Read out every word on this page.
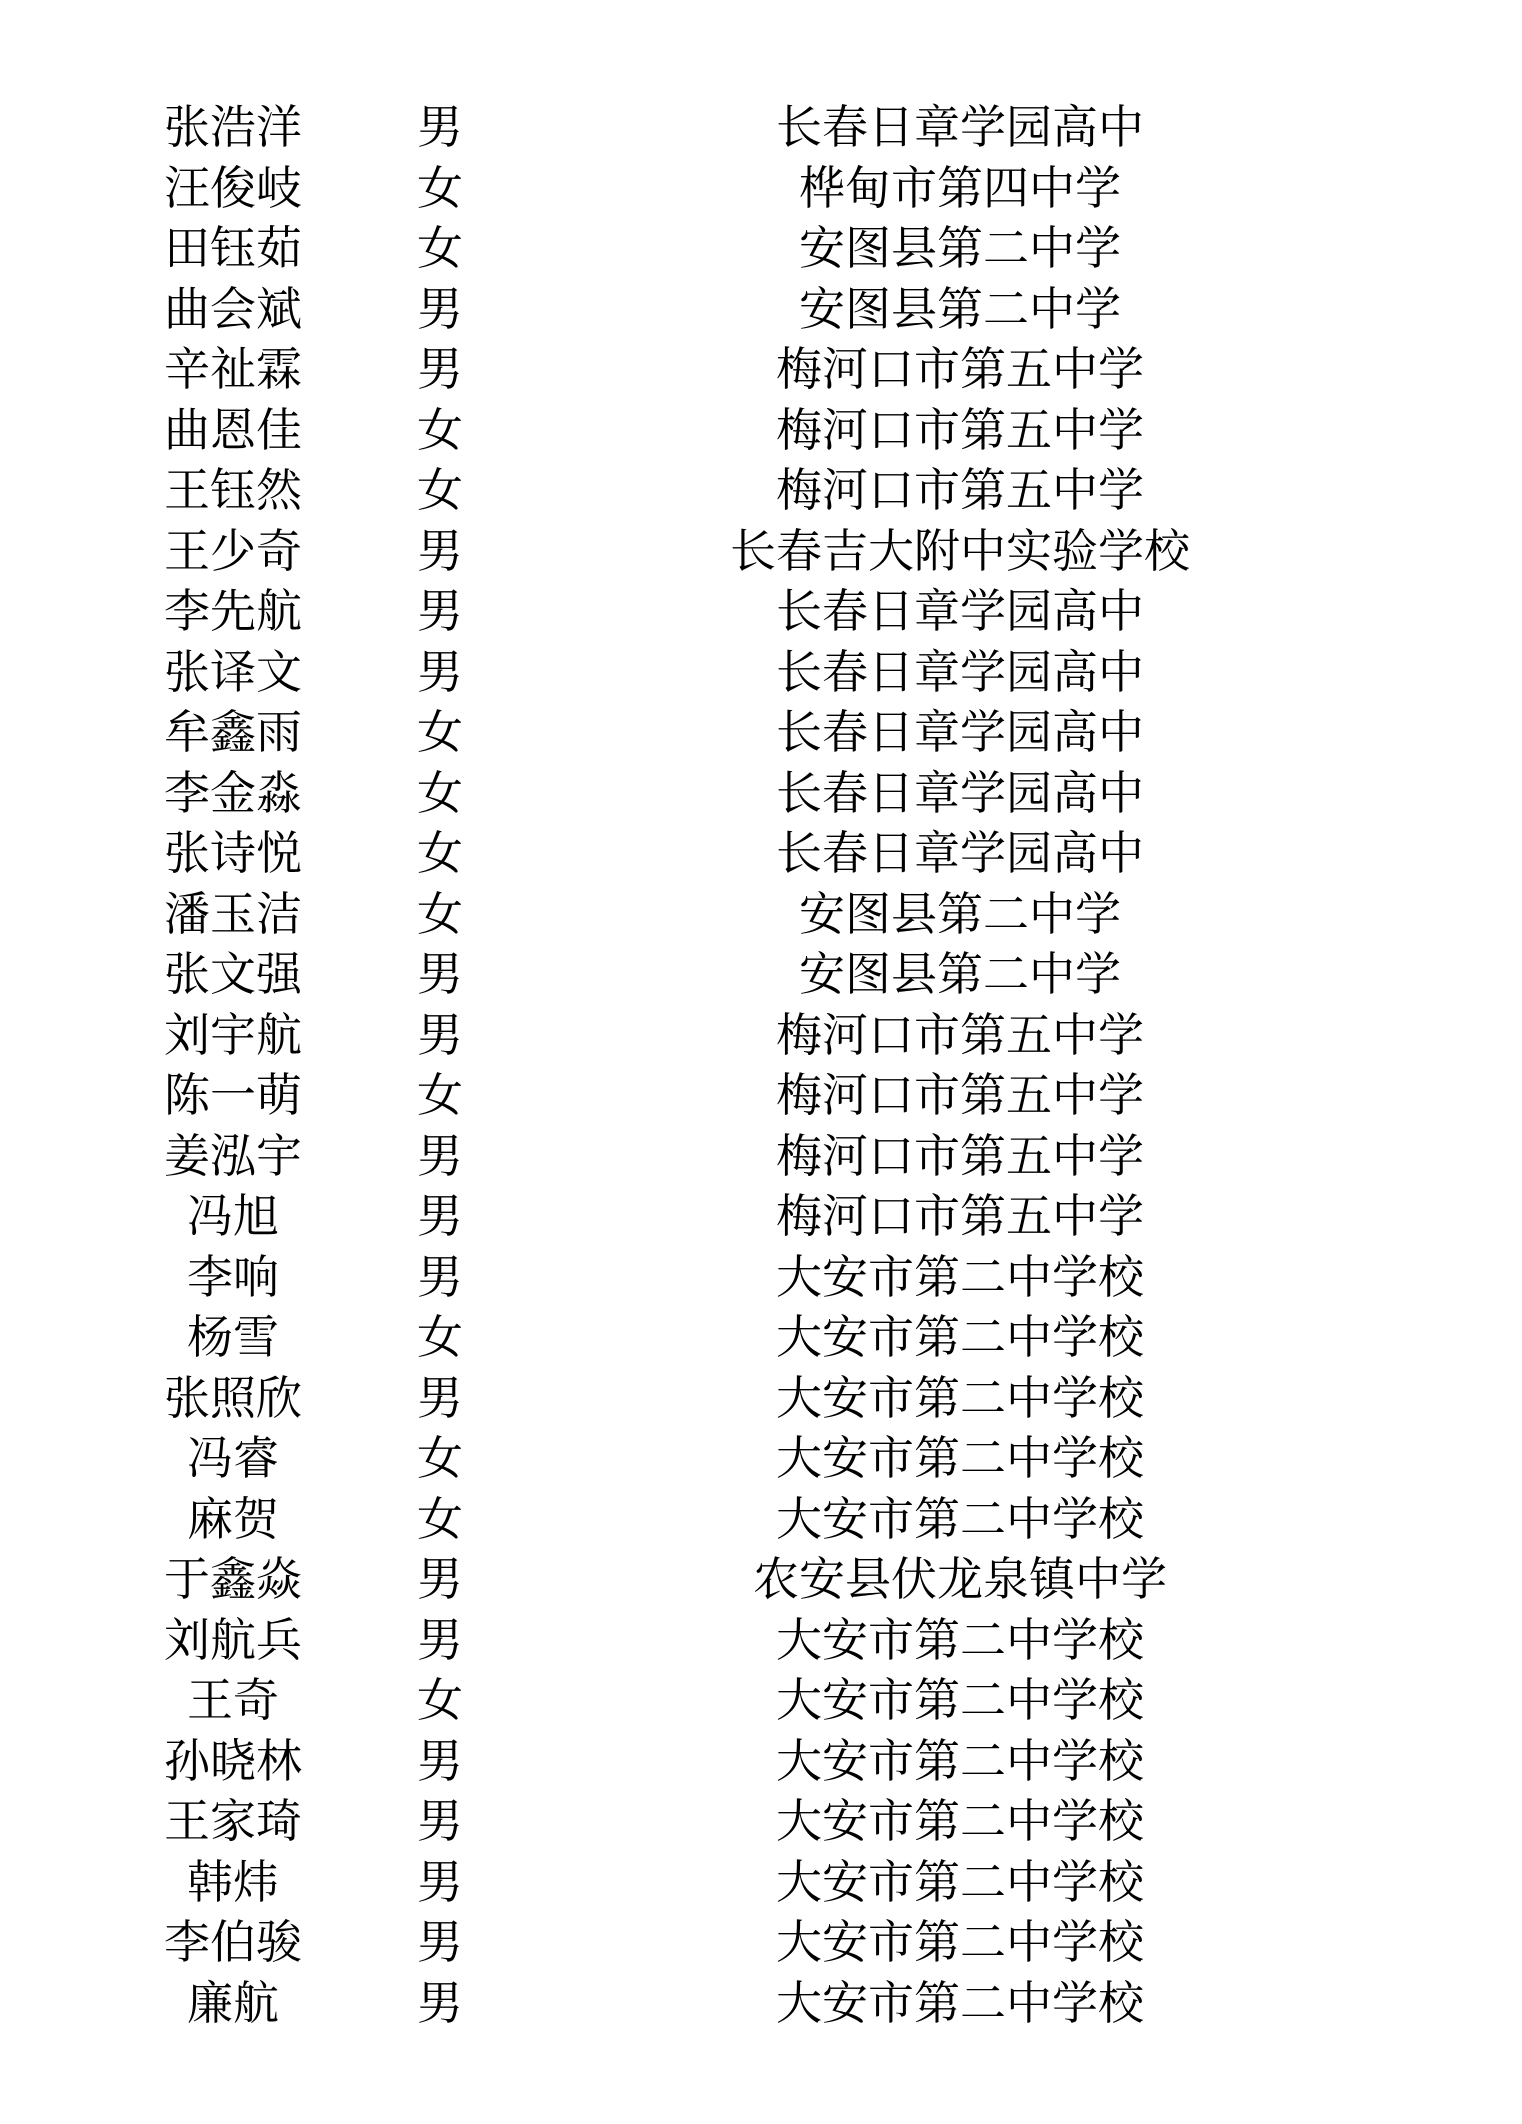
张浩洋	男	长春日章学园高中
汪俊岐	女	桦甸市第四中学
田钰茹	女	安图县第二中学
曲会斌	男	安图县第二中学
辛祉霖	男	梅河口市第五中学
曲恩佳	女	梅河口市第五中学
王钰然	女	梅河口市第五中学
王少奇	男	长春吉大附中实验学校
李先航	男	长春日章学园高中
张译文	男	长春日章学园高中
牟鑫雨	女	长春日章学园高中
李金淼	女	长春日章学园高中
张诗悦	女	长春日章学园高中
潘玉洁	女	安图县第二中学
张文强	男	安图县第二中学
刘宇航	男	梅河口市第五中学
陈一萌	女	梅河口市第五中学
姜泓宇	男	梅河口市第五中学
冯旭	男	梅河口市第五中学
李响	男	大安市第二中学校
杨雪	女	大安市第二中学校
张照欣	男	大安市第二中学校
冯睿	女	大安市第二中学校
麻贺	女	大安市第二中学校
于鑫焱	男	农安县伏龙泉镇中学
刘航兵	男	大安市第二中学校
王奇	女	大安市第二中学校
孙晓林	男	大安市第二中学校
王家琦	男	大安市第二中学校
韩炜	男	大安市第二中学校
李伯骏	男	大安市第二中学校
廉航	男	大安市第二中学校
